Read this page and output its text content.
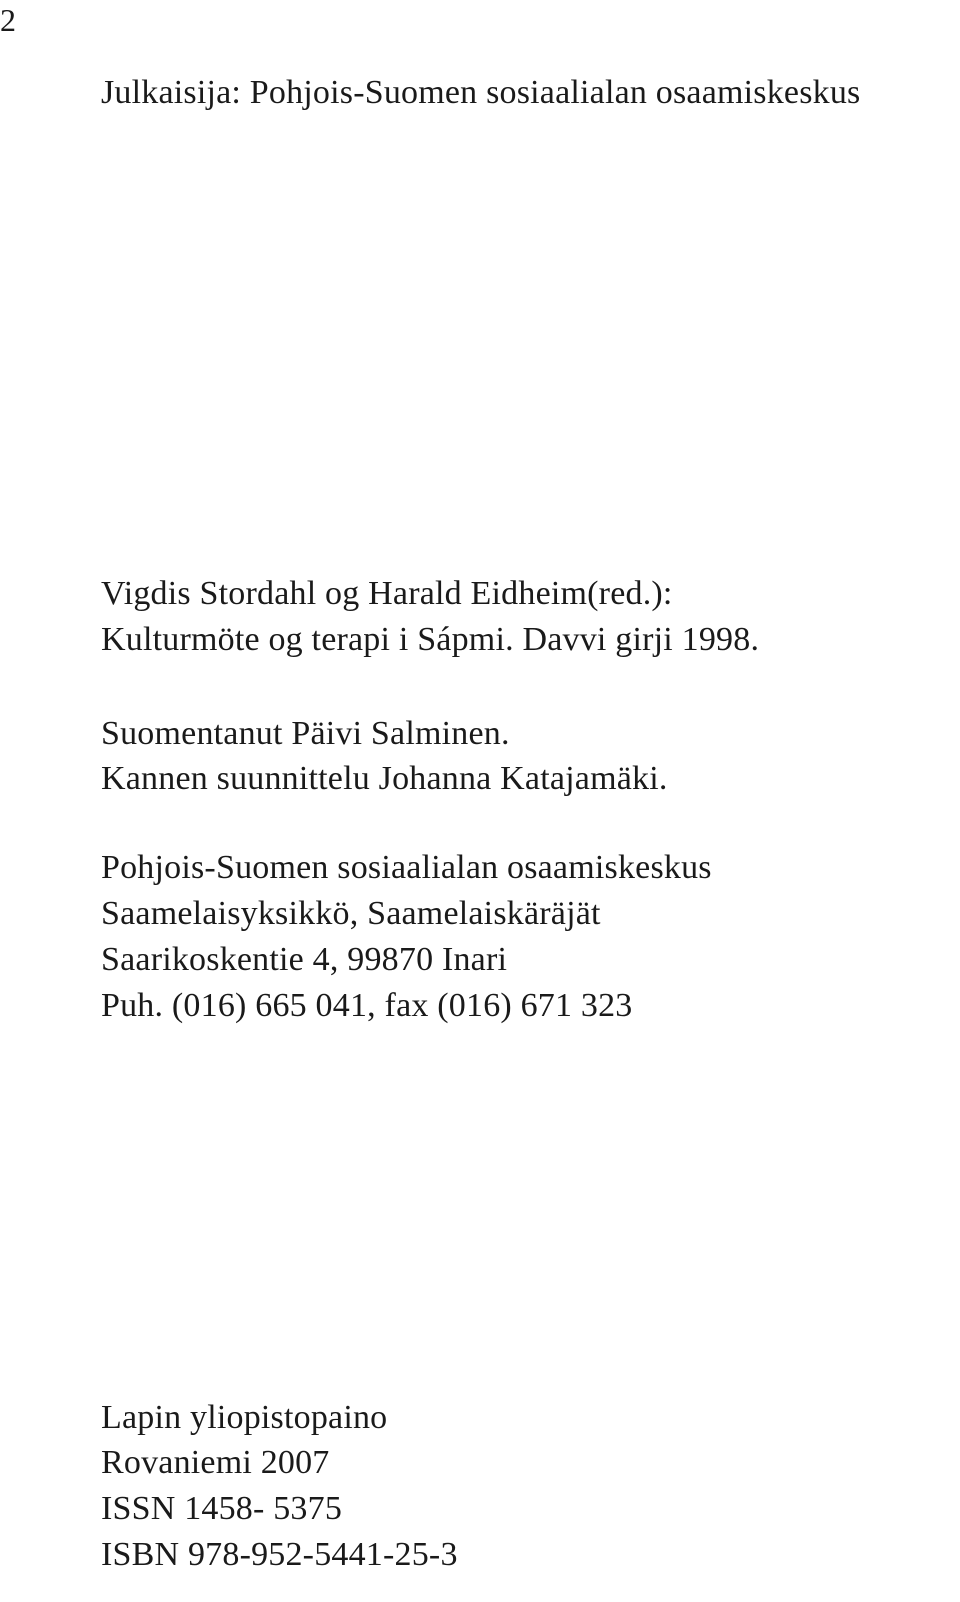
2
Julkaisija: Pohjois-Suomen sosiaalialan osaamiskeskus
Vigdis Stordahl og Harald Eidheim(red.):
Kulturmöte og terapi i Sápmi. Davvi girji 1998.
Suomentanut Päivi Salminen.
Kannen suunnittelu Johanna Katajamäki.
Pohjois-Suomen sosiaalialan osaamiskeskus
Saamelaisyksikkö, Saamelaiskäräjät
Saarikoskentie 4, 99870 Inari
Puh. (016) 665 041, fax (016) 671 323
Lapin yliopistopaino
Rovaniemi 2007
ISSN 1458- 5375
ISBN 978-952-5441-25-3
